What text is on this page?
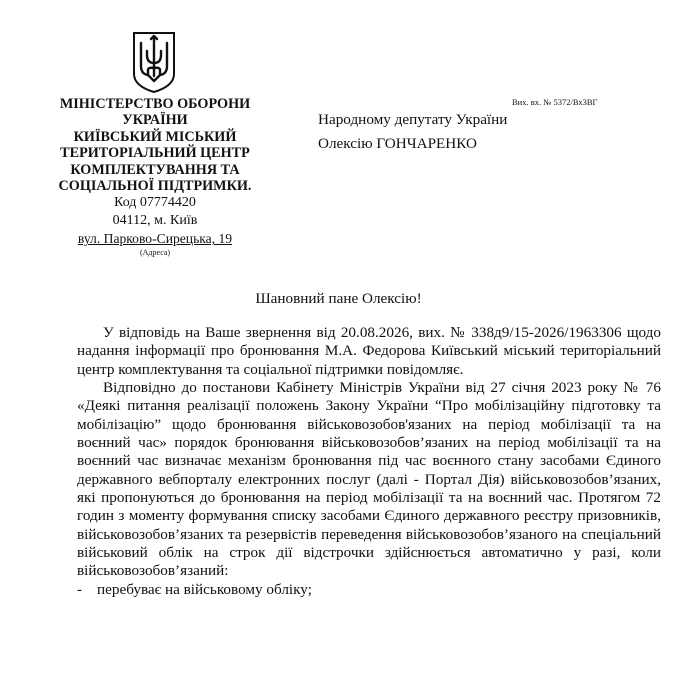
МІНІСТЕРСТВО ОБОРОНИ
УКРАЇНИ
КИЇВСЬКИЙ МІСЬКИЙ
ТЕРИТОРІАЛЬНИЙ ЦЕНТР
КОМПЛЕКТУВАННЯ ТА
СОЦІАЛЬНОЇ ПІДТРИМКИ.
Код 07774420
04112, м. Київ
вул. Парково-Сирецька, 19
(Адреса)
Вих. вх. № 5372/Вх3ВГ
Народному депутату України
Олексію ГОНЧАРЕНКО
Шановний пане Олексію!

У відповідь на Ваше звернення від 20.08.2026, вих. № 338д9/15-2026/1963306 щодо надання інформації про бронювання М.А. Федорова Київський міський територіальний центр комплектування та соціальної підтримки повідомляє.

Відповідно до постанови Кабінету Міністрів України від 27 січня 2023 року № 76 «Деякі питання реалізації положень Закону України “Про мобілізаційну підготовку та мобілізацію” щодо бронювання військовозобов'язаних на період мобілізації та на воєнний час» порядок бронювання військовозобов’язаних на період мобілізації та на воєнний час визначає механізм бронювання під час воєнного стану засобами Єдиного державного вебпорталу електронних послуг (далі - Портал Дія) військовозобов’язаних, які пропонуються до бронювання на період мобілізації та на воєнний час. Протягом 72 годин з моменту формування списку засобами Єдиного державного реєстру призовників, військовозобов’язаних та резервістів переведення військовозобов’язаного на спеціальний військовий облік на строк дії відстрочки здійснюється автоматично у разі, коли військовозобов’язаний:

- перебуває на військовому обліку;
